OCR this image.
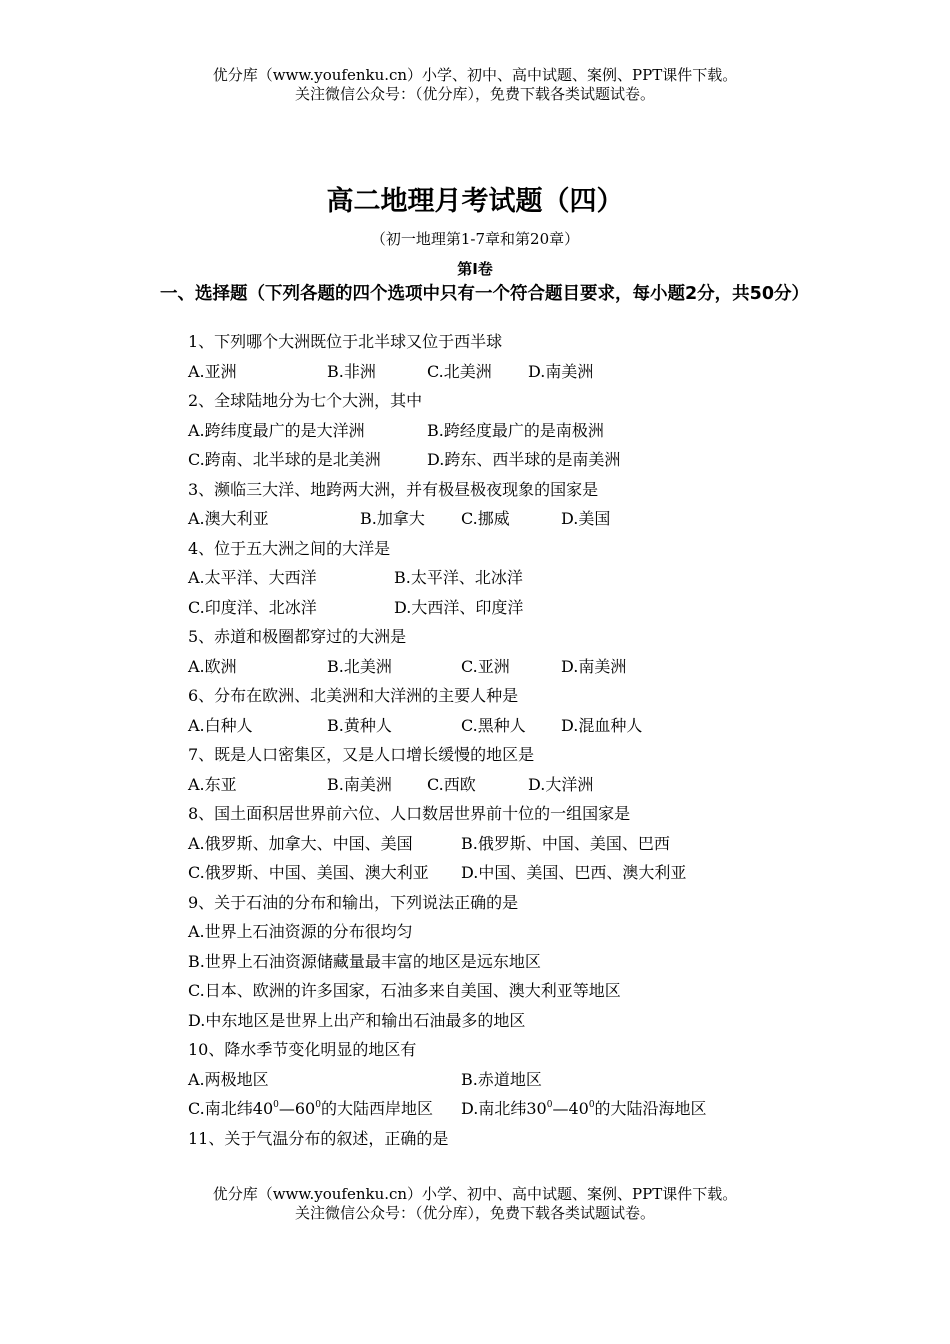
优分库（www.youfenku.cn）小学、初中、高中试题、案例、PPT课件下载。
关注微信公众号：（优分库），免费下载各类试题试卷。
高二地理月考试题（四）
（初一地理第1-7章和第20章）
第Ⅰ卷
一、选择题（下列各题的四个选项中只有一个符合题目要求，每小题2分，共50分）
1、下列哪个大洲既位于北半球又位于西半球
A.亚洲	B.非洲	C.北美洲 D.南美洲
2、全球陆地分为七个大洲，其中
A.跨纬度最广的是大洋洲	B.跨经度最广的是南极洲
C.跨南、北半球的是北美洲	D.跨东、西半球的是南美洲
3、濒临三大洋、地跨两大洲，并有极昼极夜现象的国家是
A.澳大利亚	B.加拿大 C.挪威	D.美国
4、位于五大洲之间的大洋是
A.太平洋、大西洋	B.太平洋、北冰洋
C.印度洋、北冰洋	D.大西洋、印度洋
5、赤道和极圈都穿过的大洲是
A.欧洲	B.北美洲	C.亚洲	D.南美洲
6、分布在欧洲、北美洲和大洋洲的主要人种是
A.白种人	B.黄种人	C.黑种人 D.混血种人
7、既是人口密集区，又是人口增长缓慢的地区是
A.东亚	B.南美洲 C.西欧	D.大洋洲
8、国土面积居世界前六位、人口数居世界前十位的一组国家是
A.俄罗斯、加拿大、中国、美国	B.俄罗斯、中国、美国、巴西
C.俄罗斯、中国、美国、澳大利亚 D.中国、美国、巴西、澳大利亚
9、关于石油的分布和输出，下列说法正确的是
A.世界上石油资源的分布很均匀
B.世界上石油资源储藏量最丰富的地区是远东地区
C.日本、欧洲的许多国家，石油多来自美国、澳大利亚等地区
D.中东地区是世界上出产和输出石油最多的地区
10、降水季节变化明显的地区有
A.两极地区	B.赤道地区
C.南北纬$40^0—60^0$的大陆西岸地区 D.南北纬$30^0—40^0$的大陆沿海地区
11、关于气温分布的叙述，正确的是
优分库（www.youfenku.cn）小学、初中、高中试题、案例、PPT课件下载。
关注微信公众号：（优分库），免费下载各类试题试卷。
